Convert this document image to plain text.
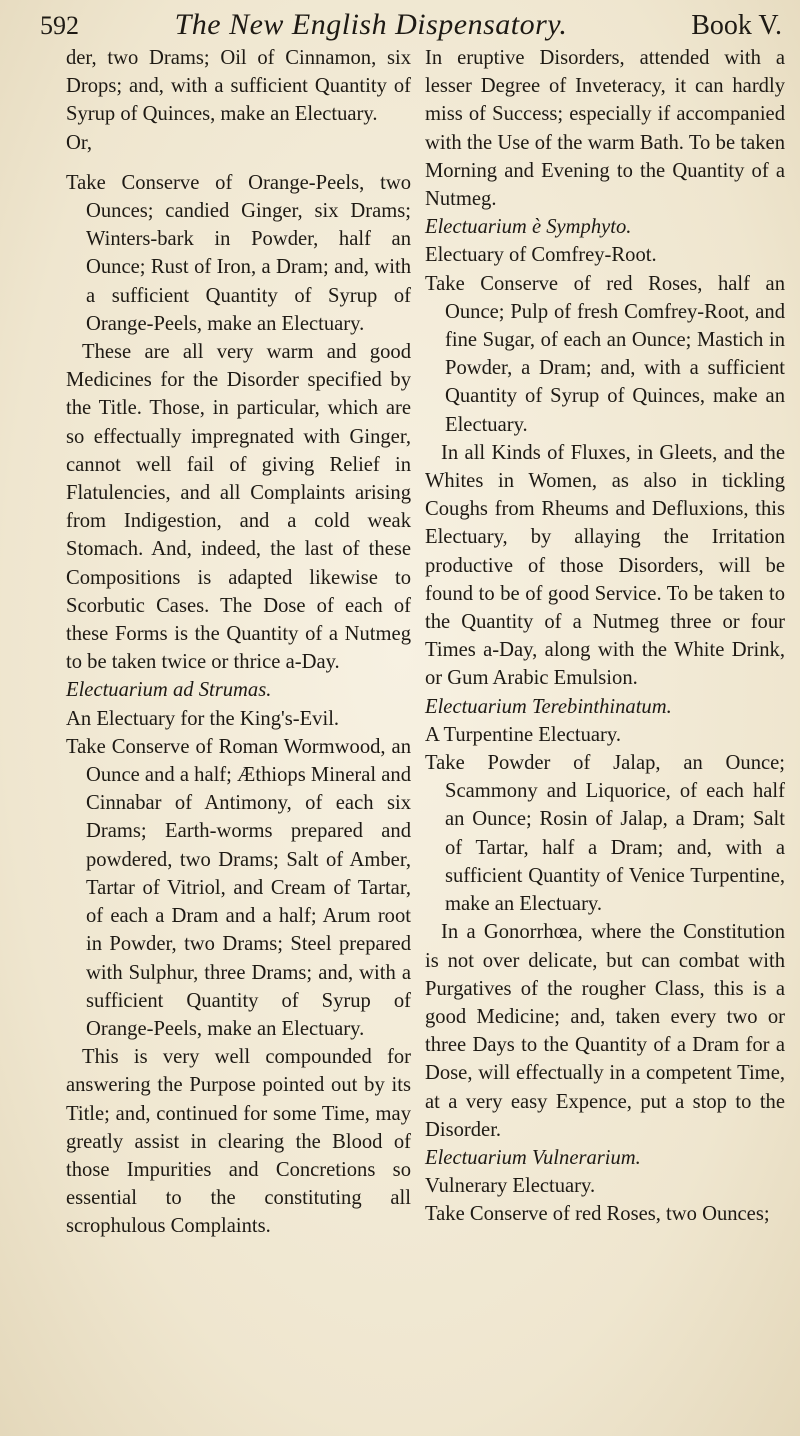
592	The New English Dispensatory.	Book V.

der, two Drams; Oil of Cinnamon, six Drops; and, with a sufficient Quantity of Syrup of Quinces, make an Electuary.

Or,

Take Conserve of Orange-Peels, two Ounces; candied Ginger, six Drams; Winters-bark in Powder, half an Ounce; Rust of Iron, a Dram; and, with a sufficient Quantity of Syrup of Orange-Peels, make an Electuary.

These are all very warm and good Medicines for the Disorder specified by the Title. Those, in particular, which are so effectually impregnated with Ginger, cannot well fail of giving Relief in Flatulencies, and all Complaints arising from Indigestion, and a cold weak Stomach. And, indeed, the last of these Compositions is adapted likewise to Scorbutic Cases. The Dose of each of these Forms is the Quantity of a Nutmeg to be taken twice or thrice a-Day.

Electuarium ad Strumas.

An Electuary for the King's-Evil.

Take Conserve of Roman Wormwood, an Ounce and a half; Æthiops Mineral and Cinnabar of Antimony, of each six Drams; Earth-worms prepared and powdered, two Drams; Salt of Amber, Tartar of Vitriol, and Cream of Tartar, of each a Dram and a half; Arum root in Powder, two Drams; Steel prepared with Sulphur, three Drams; and, with a sufficient Quantity of Syrup of Orange-Peels, make an Electuary.

This is very well compounded for answering the Purpose pointed out by its Title; and, continued for some Time, may greatly assist in clearing the Blood of those Impurities and Concretions so essential to the constituting all scrophulous Complaints.

In eruptive Disorders, attended with a lesser Degree of Inveteracy, it can hardly miss of Success; especially if accompanied with the Use of the warm Bath. To be taken Morning and Evening to the Quantity of a Nutmeg.

Electuarium è Symphyto.

Electuary of Comfrey-Root.

Take Conserve of red Roses, half an Ounce; Pulp of fresh Comfrey-Root, and fine Sugar, of each an Ounce; Mastich in Powder, a Dram; and, with a sufficient Quantity of Syrup of Quinces, make an Electuary.

In all Kinds of Fluxes, in Gleets, and the Whites in Women, as also in tickling Coughs from Rheums and Defluxions, this Electuary, by allaying the Irritation productive of those Disorders, will be found to be of good Service. To be taken to the Quantity of a Nutmeg three or four Times a-Day, along with the White Drink, or Gum Arabic Emulsion.

Electuarium Terebinthinatum.

A Turpentine Electuary.

Take Powder of Jalap, an Ounce; Scammony and Liquorice, of each half an Ounce; Rosin of Jalap, a Dram; Salt of Tartar, half a Dram; and, with a sufficient Quantity of Venice Turpentine, make an Electuary.

In a Gonorrhœa, where the Constitution is not over delicate, but can combat with Purgatives of the rougher Class, this is a good Medicine; and, taken every two or three Days to the Quantity of a Dram for a Dose, will effectually in a competent Time, at a very easy Expence, put a stop to the Disorder.

Electuarium Vulnerarium.

Vulnerary Electuary.

Take Conserve of red Roses, two Ounces;
